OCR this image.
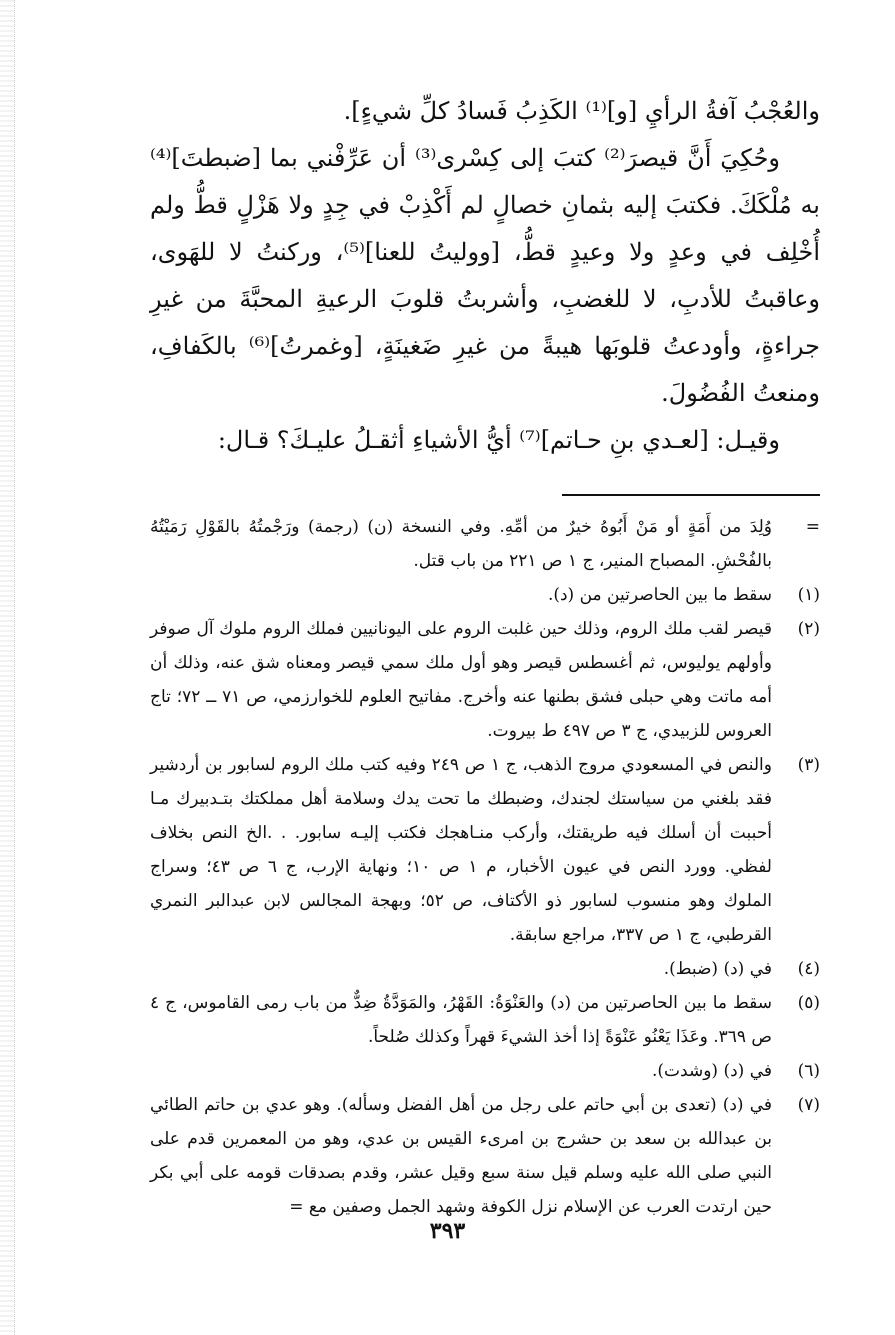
والعُجْبُ آفةُ الرأيِ [و]⁽¹⁾ الكَذِبُ فَسادُ كلِّ شيءٍ].

وحُكِيَ أَنَّ قيصرَ⁽²⁾ كتبَ إلى كِسْرى⁽³⁾ أن عَرِّفْني بما [ضبطتَ]⁽⁴⁾ به مُلْكَكَ. فكتبَ إليه بثمانِ خصالٍ لم أَكْذِبْ في جِدٍ ولا هَزْلٍ قطُّ ولم أُخْلِف في وعدٍ ولا وعيدٍ قطُّ، [ووليتُ للعنا]⁽⁵⁾، وركنتُ لا للهَوى، وعاقبتُ للأدبِ، لا للغضبِ، وأشربتُ قلوبَ الرعيةِ المحبَّةَ من غيرِ جراءةٍ، وأودعتُ قلوبَها هيبةً من غيرِ ضَغينَةٍ، [وغمرتُ]⁽⁶⁾ بالكَفافِ، ومنعتُ الفُضُولَ.

وقيـل: [لعـدي بنِ حـاتم]⁽⁷⁾ أيُّ الأشياءِ أثقـلُ عليـكَ؟ قـال:

=
وُلِدَ من أَمَةٍ أو مَنْ أَبُوهُ خيرٌ من أمِّهِ. وفي النسخة (ن) (رجمة) ورَجْمتُهُ بالقَوْلِ رَمَيْتُهُ بالفُحْشِ. المصباح المنير، ج ١ ص ٢٢١ من باب قتل.
(١)
سقط ما بين الحاصرتين من (د).
(٢)
قيصر لقب ملك الروم، وذلك حين غلبت الروم على اليونانيين فملك الروم ملوك آل صوفر وأولهم يوليوس، ثم أغسطس قيصر وهو أول ملك سمي قيصر ومعناه شق عنه، وذلك أن أمه ماتت وهي حبلى فشق بطنها عنه وأخرج. مفاتيح العلوم للخوارزمي، ص ٧١ ــ ٧٢؛ تاج العروس للزبيدي، ج ٣ ص ٤٩٧ ط بيروت.
(٣)
والنص في المسعودي مروج الذهب، ج ١ ص ٢٤٩ وفيه كتب ملك الروم لسابور بن أردشير فقد بلغني من سياستك لجندك، وضبطك ما تحت يدك وسلامة أهل مملكتك بتـدبيرك مـا أحببت أن أسلك فيه طريقتك، وأركب منـاهجك فكتب إليـه سابور. . .الخ النص بخلاف لفظي. وورد النص في عيون الأخبار، م ١ ص ١٠؛ ونهاية الإرب، ج ٦ ص ٤٣؛ وسراج الملوك وهو منسوب لسابور ذو الأكتاف، ص ٥٢؛ وبهجة المجالس لابن عبدالبر النمري القرطبي، ج ١ ص ٣٣٧، مراجع سابقة.
(٤)
في (د) (ضبط).
(٥)
سقط ما بين الحاصرتين من (د) والعَنْوَةُ: القَهْرُ، والمَوَدَّةُ ضِدٌّ من باب رمى القاموس، ج ٤ ص ٣٦٩. وعَذَا يَعْنُو عَنْوَةً إذا أخذ الشيءَ قهراً وكذلك صُلحاً.
(٦)
في (د) (وشدت).
(٧)
في (د) (تعدى بن أبي حاتم على رجل من أهل الفضل وسأله). وهو عدي بن حاتم الطائي بن عبدالله بن سعد بن حشرج بن امرىء القيس بن عدي، وهو من المعمرين قدم على النبي صلى الله عليه وسلم قيل سنة سبع وقيل عشر، وقدم بصدقات قومه على أبي بكر حين ارتدت العرب عن الإسلام نزل الكوفة وشهد الجمل وصفين مع =
٣٩٣
